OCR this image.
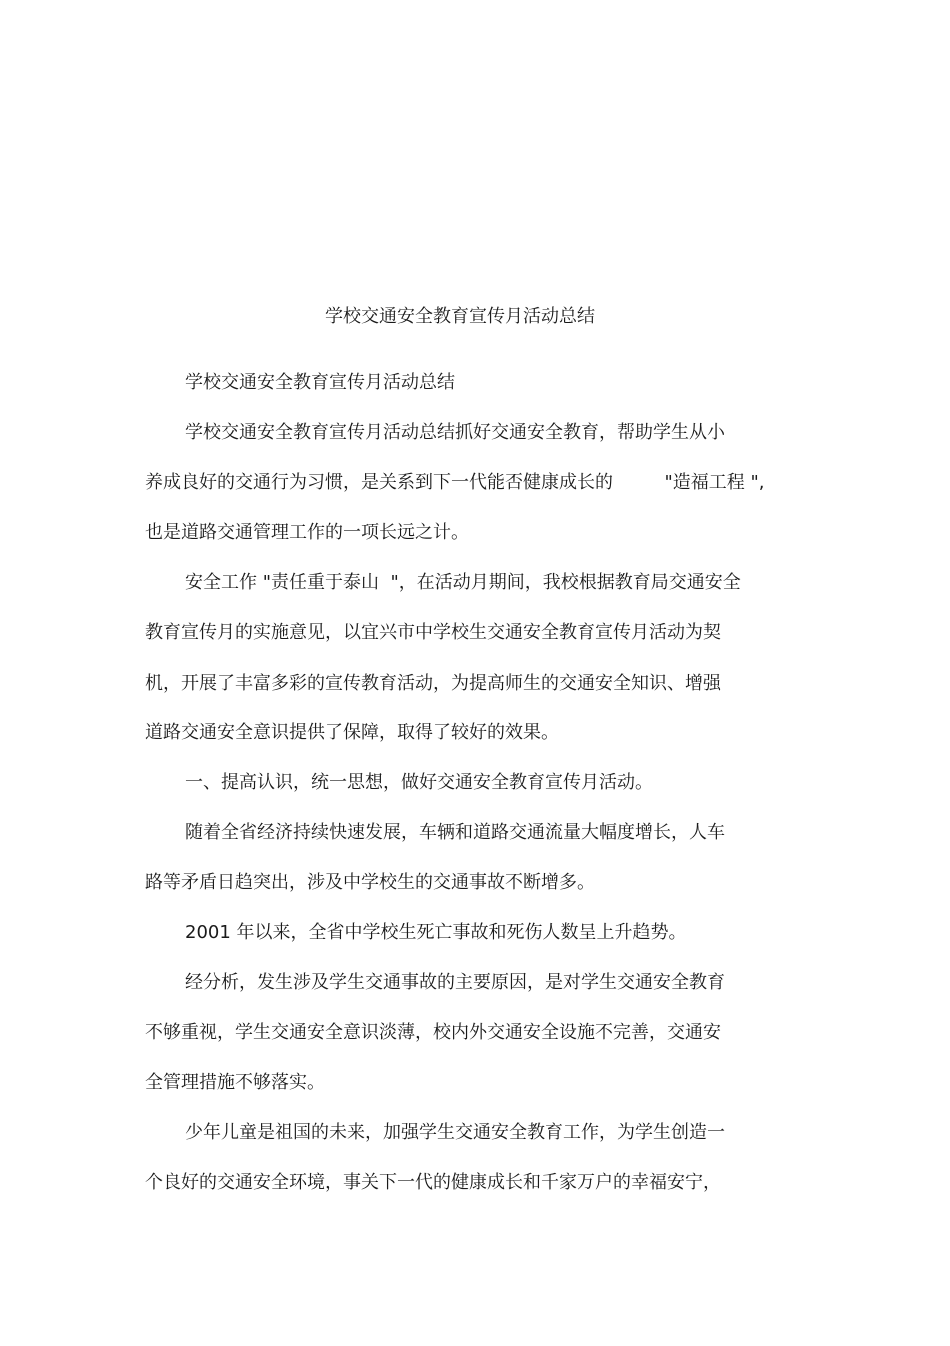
学校交通安全教育宣传月活动总结
学校交通安全教育宣传月活动总结
学校交通安全教育宣传月活动总结抓好交通安全教育，帮助学生从小
养成良好的交通行为习惯，是关系到下一代能否健康成长的         "造福工程 ",
也是道路交通管理工作的一项长远之计。
安全工作 "责任重于泰山  "，在活动月期间，我校根据教育局交通安全
教育宣传月的实施意见，以宜兴市中学校生交通安全教育宣传月活动为契
机，开展了丰富多彩的宣传教育活动，为提高师生的交通安全知识、增强
道路交通安全意识提供了保障，取得了较好的效果。
一、提高认识，统一思想，做好交通安全教育宣传月活动。
随着全省经济持续快速发展，车辆和道路交通流量大幅度增长，人车
路等矛盾日趋突出，涉及中学校生的交通事故不断增多。
2001 年以来，全省中学校生死亡事故和死伤人数呈上升趋势。
经分析，发生涉及学生交通事故的主要原因，是对学生交通安全教育
不够重视，学生交通安全意识淡薄，校内外交通安全设施不完善，交通安
全管理措施不够落实。
少年儿童是祖国的未来，加强学生交通安全教育工作，为学生创造一
个良好的交通安全环境，事关下一代的健康成长和千家万户的幸福安宁，
